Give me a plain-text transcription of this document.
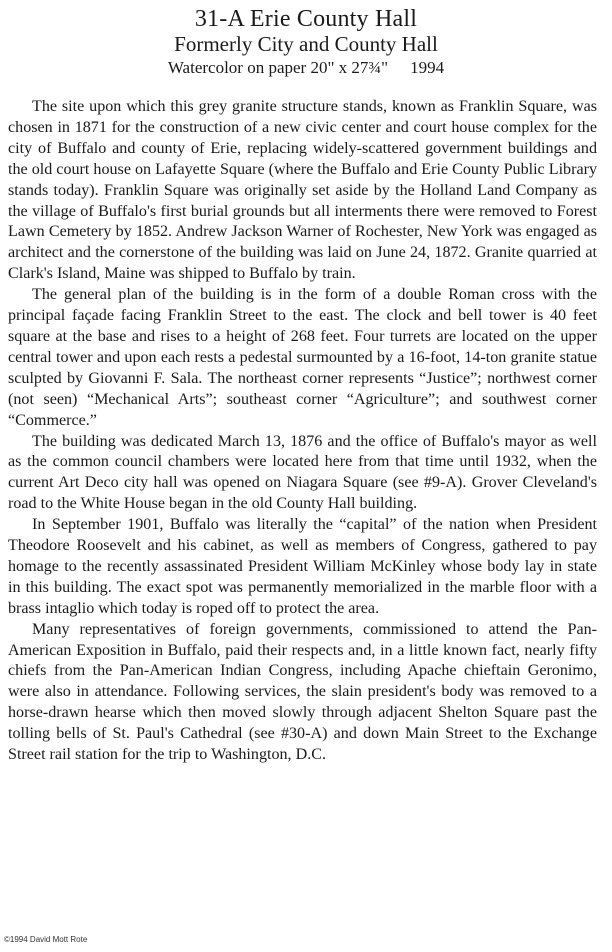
31-A Erie County Hall
Formerly City and County Hall
Watercolor on paper 20" x 27¾" 1994

The site upon which this grey granite structure stands, known as Franklin Square, was chosen in 1871 for the construction of a new civic center and court house complex for the city of Buffalo and county of Erie, replacing widely-scattered government buildings and the old court house on Lafayette Square (where the Buffalo and Erie County Public Library stands today). Franklin Square was originally set aside by the Holland Land Company as the village of Buffalo's first burial grounds but all interments there were removed to Forest Lawn Cemetery by 1852. Andrew Jackson Warner of Rochester, New York was engaged as architect and the cornerstone of the building was laid on June 24, 1872. Granite quarried at Clark's Island, Maine was shipped to Buffalo by train.

The general plan of the building is in the form of a double Roman cross with the principal façade facing Franklin Street to the east. The clock and bell tower is 40 feet square at the base and rises to a height of 268 feet. Four turrets are located on the upper central tower and upon each rests a pedestal surmounted by a 16-foot, 14-ton granite statue sculpted by Giovanni F. Sala. The northeast corner represents “Justice”; northwest corner (not seen) “Mechanical Arts”; southeast corner “Agriculture”; and southwest corner “Commerce.”

The building was dedicated March 13, 1876 and the office of Buffalo's mayor as well as the common council chambers were located here from that time until 1932, when the current Art Deco city hall was opened on Niagara Square (see #9-A). Grover Cleveland's road to the White House began in the old County Hall building.

In September 1901, Buffalo was literally the “capital” of the nation when President Theodore Roosevelt and his cabinet, as well as members of Congress, gathered to pay homage to the recently assassinated President William McKinley whose body lay in state in this building. The exact spot was permanently memorialized in the marble floor with a brass intaglio which today is roped off to protect the area.

Many representatives of foreign governments, commissioned to attend the Pan-American Exposition in Buffalo, paid their respects and, in a little known fact, nearly fifty chiefs from the Pan-American Indian Congress, including Apache chieftain Geronimo, were also in attendance. Following services, the slain president's body was removed to a horse-drawn hearse which then moved slowly through adjacent Shelton Square past the tolling bells of St. Paul's Cathedral (see #30-A) and down Main Street to the Exchange Street rail station for the trip to Washington, D.C.

©1994 David Mott Rote
